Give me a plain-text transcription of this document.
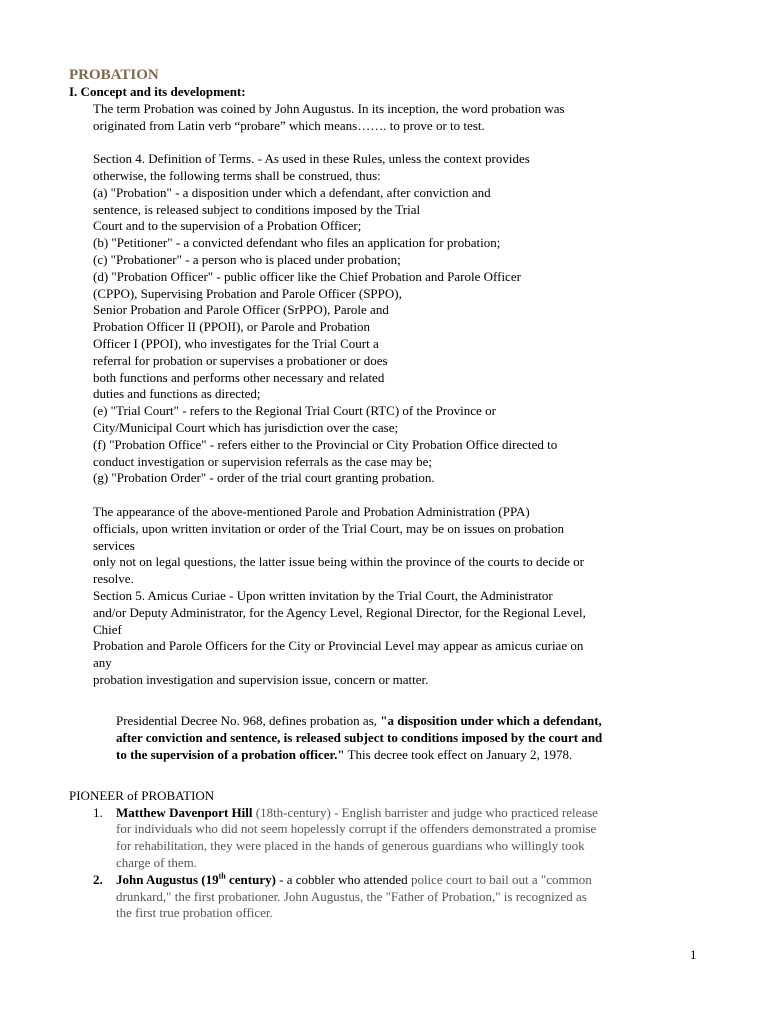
PROBATION
I. Concept and its development:
The term Probation was coined by John Augustus. In its inception, the word probation was
originated from Latin verb “probare” which means……. to prove or to test.
Section 4. Definition of Terms. - As used in these Rules, unless the context provides
otherwise, the following terms shall be construed, thus:
(a) "Probation" - a disposition under which a defendant, after conviction and
sentence, is released subject to conditions imposed by the Trial
Court and to the supervision of a Probation Officer;
(b) "Petitioner" - a convicted defendant who files an application for probation;
(c) "Probationer" - a person who is placed under probation;
(d) "Probation Officer" - public officer like the Chief Probation and Parole Officer
(CPPO), Supervising Probation and Parole Officer (SPPO),
Senior Probation and Parole Officer (SrPPO), Parole and
Probation Officer II (PPOII), or Parole and Probation
Officer I (PPOI), who investigates for the Trial Court a
referral for probation or supervises a probationer or does
both functions and performs other necessary and related
duties and functions as directed;
(e) "Trial Court" - refers to the Regional Trial Court (RTC) of the Province or
City/Municipal Court which has jurisdiction over the case;
(f) "Probation Office" - refers either to the Provincial or City Probation Office directed to
conduct investigation or supervision referrals as the case may be;
(g) "Probation Order" - order of the trial court granting probation.
The appearance of the above-mentioned Parole and Probation Administration (PPA)
officials, upon written invitation or order of the Trial Court, may be on issues on probation
services
only not on legal questions, the latter issue being within the province of the courts to decide or
resolve.
Section 5. Amicus Curiae - Upon written invitation by the Trial Court, the Administrator
and/or Deputy Administrator, for the Agency Level, Regional Director, for the Regional Level,
Chief
Probation and Parole Officers for the City or Provincial Level may appear as amicus curiae on
any
probation investigation and supervision issue, concern or matter.
Presidential Decree No. 968, defines probation as, "a disposition under which a defendant,
after conviction and sentence, is released subject to conditions imposed by the court and
to the supervision of a probation officer." This decree took effect on January 2, 1978.
PIONEER of PROBATION
1. Matthew Davenport Hill (18th-century) - English barrister and judge who practiced release
for individuals who did not seem hopelessly corrupt if the offenders demonstrated a promise
for rehabilitation, they were placed in the hands of generous guardians who willingly took
charge of them.
2. John Augustus (19th century) - a cobbler who attended police court to bail out a "common
drunkard," the first probationer. John Augustus, the "Father of Probation," is recognized as
the first true probation officer.
1
